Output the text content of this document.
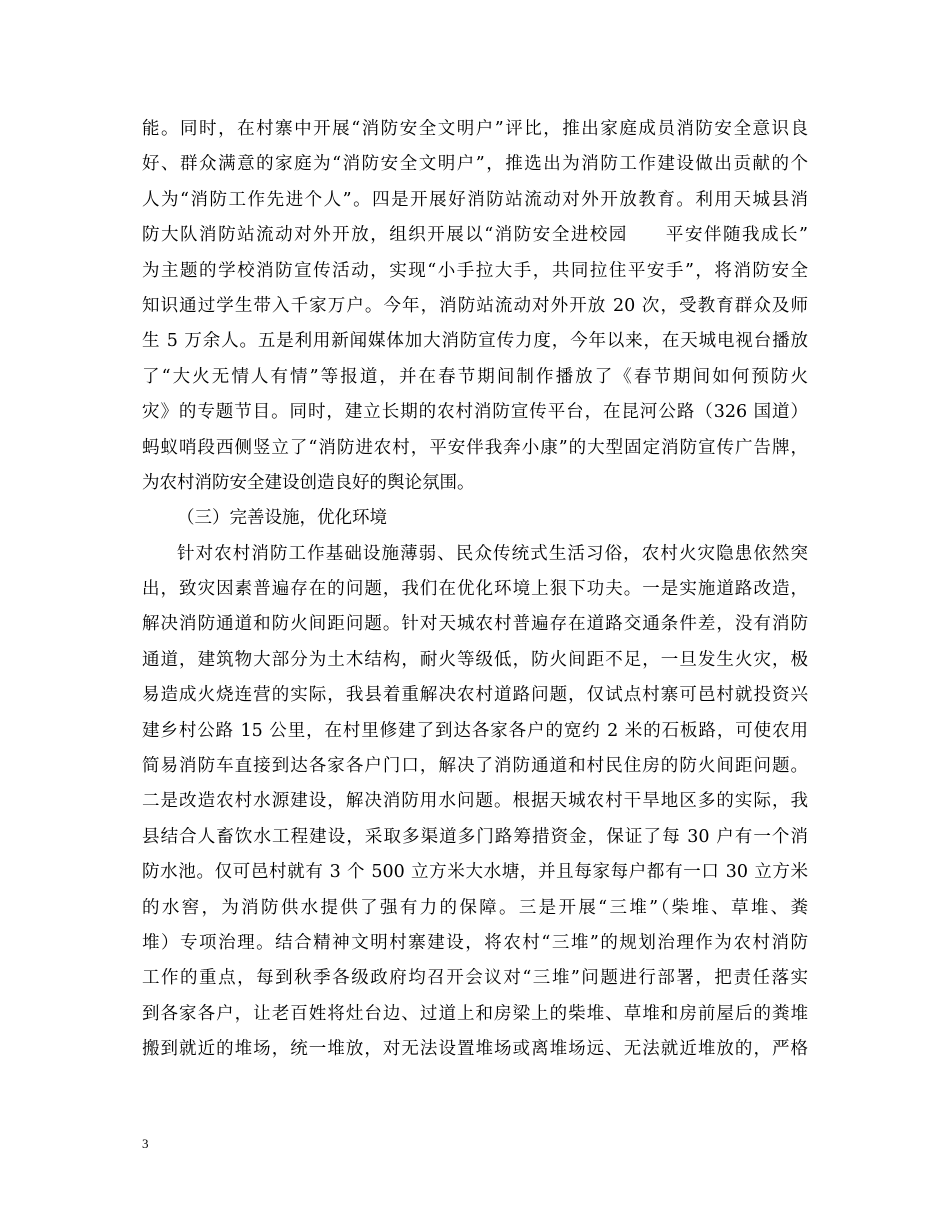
能。同时，在村寨中开展“消防安全文明户”评比，推出家庭成员消防安全意识良
好、群众满意的家庭为“消防安全文明户”，推选出为消防工作建设做出贡献的个
人为“消防工作先进个人”。四是开展好消防站流动对外开放教育。利用天城县消
防大队消防站流动对外开放，组织开展以“消防安全进校园　　平安伴随我成长”
为主题的学校消防宣传活动，实现“小手拉大手，共同拉住平安手”，将消防安全
知识通过学生带入千家万户。今年，消防站流动对外开放 20 次，受教育群众及师
生 5 万余人。五是利用新闻媒体加大消防宣传力度，今年以来，在天城电视台播放
了“大火无情人有情”等报道，并在春节期间制作播放了《春节期间如何预防火
灾》的专题节目。同时，建立长期的农村消防宣传平台，在昆河公路（326 国道）
蚂蚁哨段西侧竖立了“消防进农村，平安伴我奔小康”的大型固定消防宣传广告牌，
为农村消防安全建设创造良好的舆论氛围。
（三）完善设施，优化环境
针对农村消防工作基础设施薄弱、民众传统式生活习俗，农村火灾隐患依然突
出，致灾因素普遍存在的问题，我们在优化环境上狠下功夫。一是实施道路改造，
解决消防通道和防火间距问题。针对天城农村普遍存在道路交通条件差，没有消防
通道，建筑物大部分为土木结构，耐火等级低，防火间距不足，一旦发生火灾，极
易造成火烧连营的实际，我县着重解决农村道路问题，仅试点村寨可邑村就投资兴
建乡村公路 15 公里，在村里修建了到达各家各户的宽约 2 米的石板路，可使农用
简易消防车直接到达各家各户门口，解决了消防通道和村民住房的防火间距问题。
二是改造农村水源建设，解决消防用水问题。根据天城农村干旱地区多的实际，我
县结合人畜饮水工程建设，采取多渠道多门路筹措资金，保证了每 30 户有一个消
防水池。仅可邑村就有 3 个 500 立方米大水塘，并且每家每户都有一口 30 立方米
的水窖，为消防供水提供了强有力的保障。三是开展“三堆”（柴堆、草堆、粪
堆）专项治理。结合精神文明村寨建设，将农村“三堆”的规划治理作为农村消防
工作的重点，每到秋季各级政府均召开会议对“三堆”问题进行部署，把责任落实
到各家各户，让老百姓将灶台边、过道上和房梁上的柴堆、草堆和房前屋后的粪堆
搬到就近的堆场，统一堆放，对无法设置堆场或离堆场远、无法就近堆放的，严格
3
